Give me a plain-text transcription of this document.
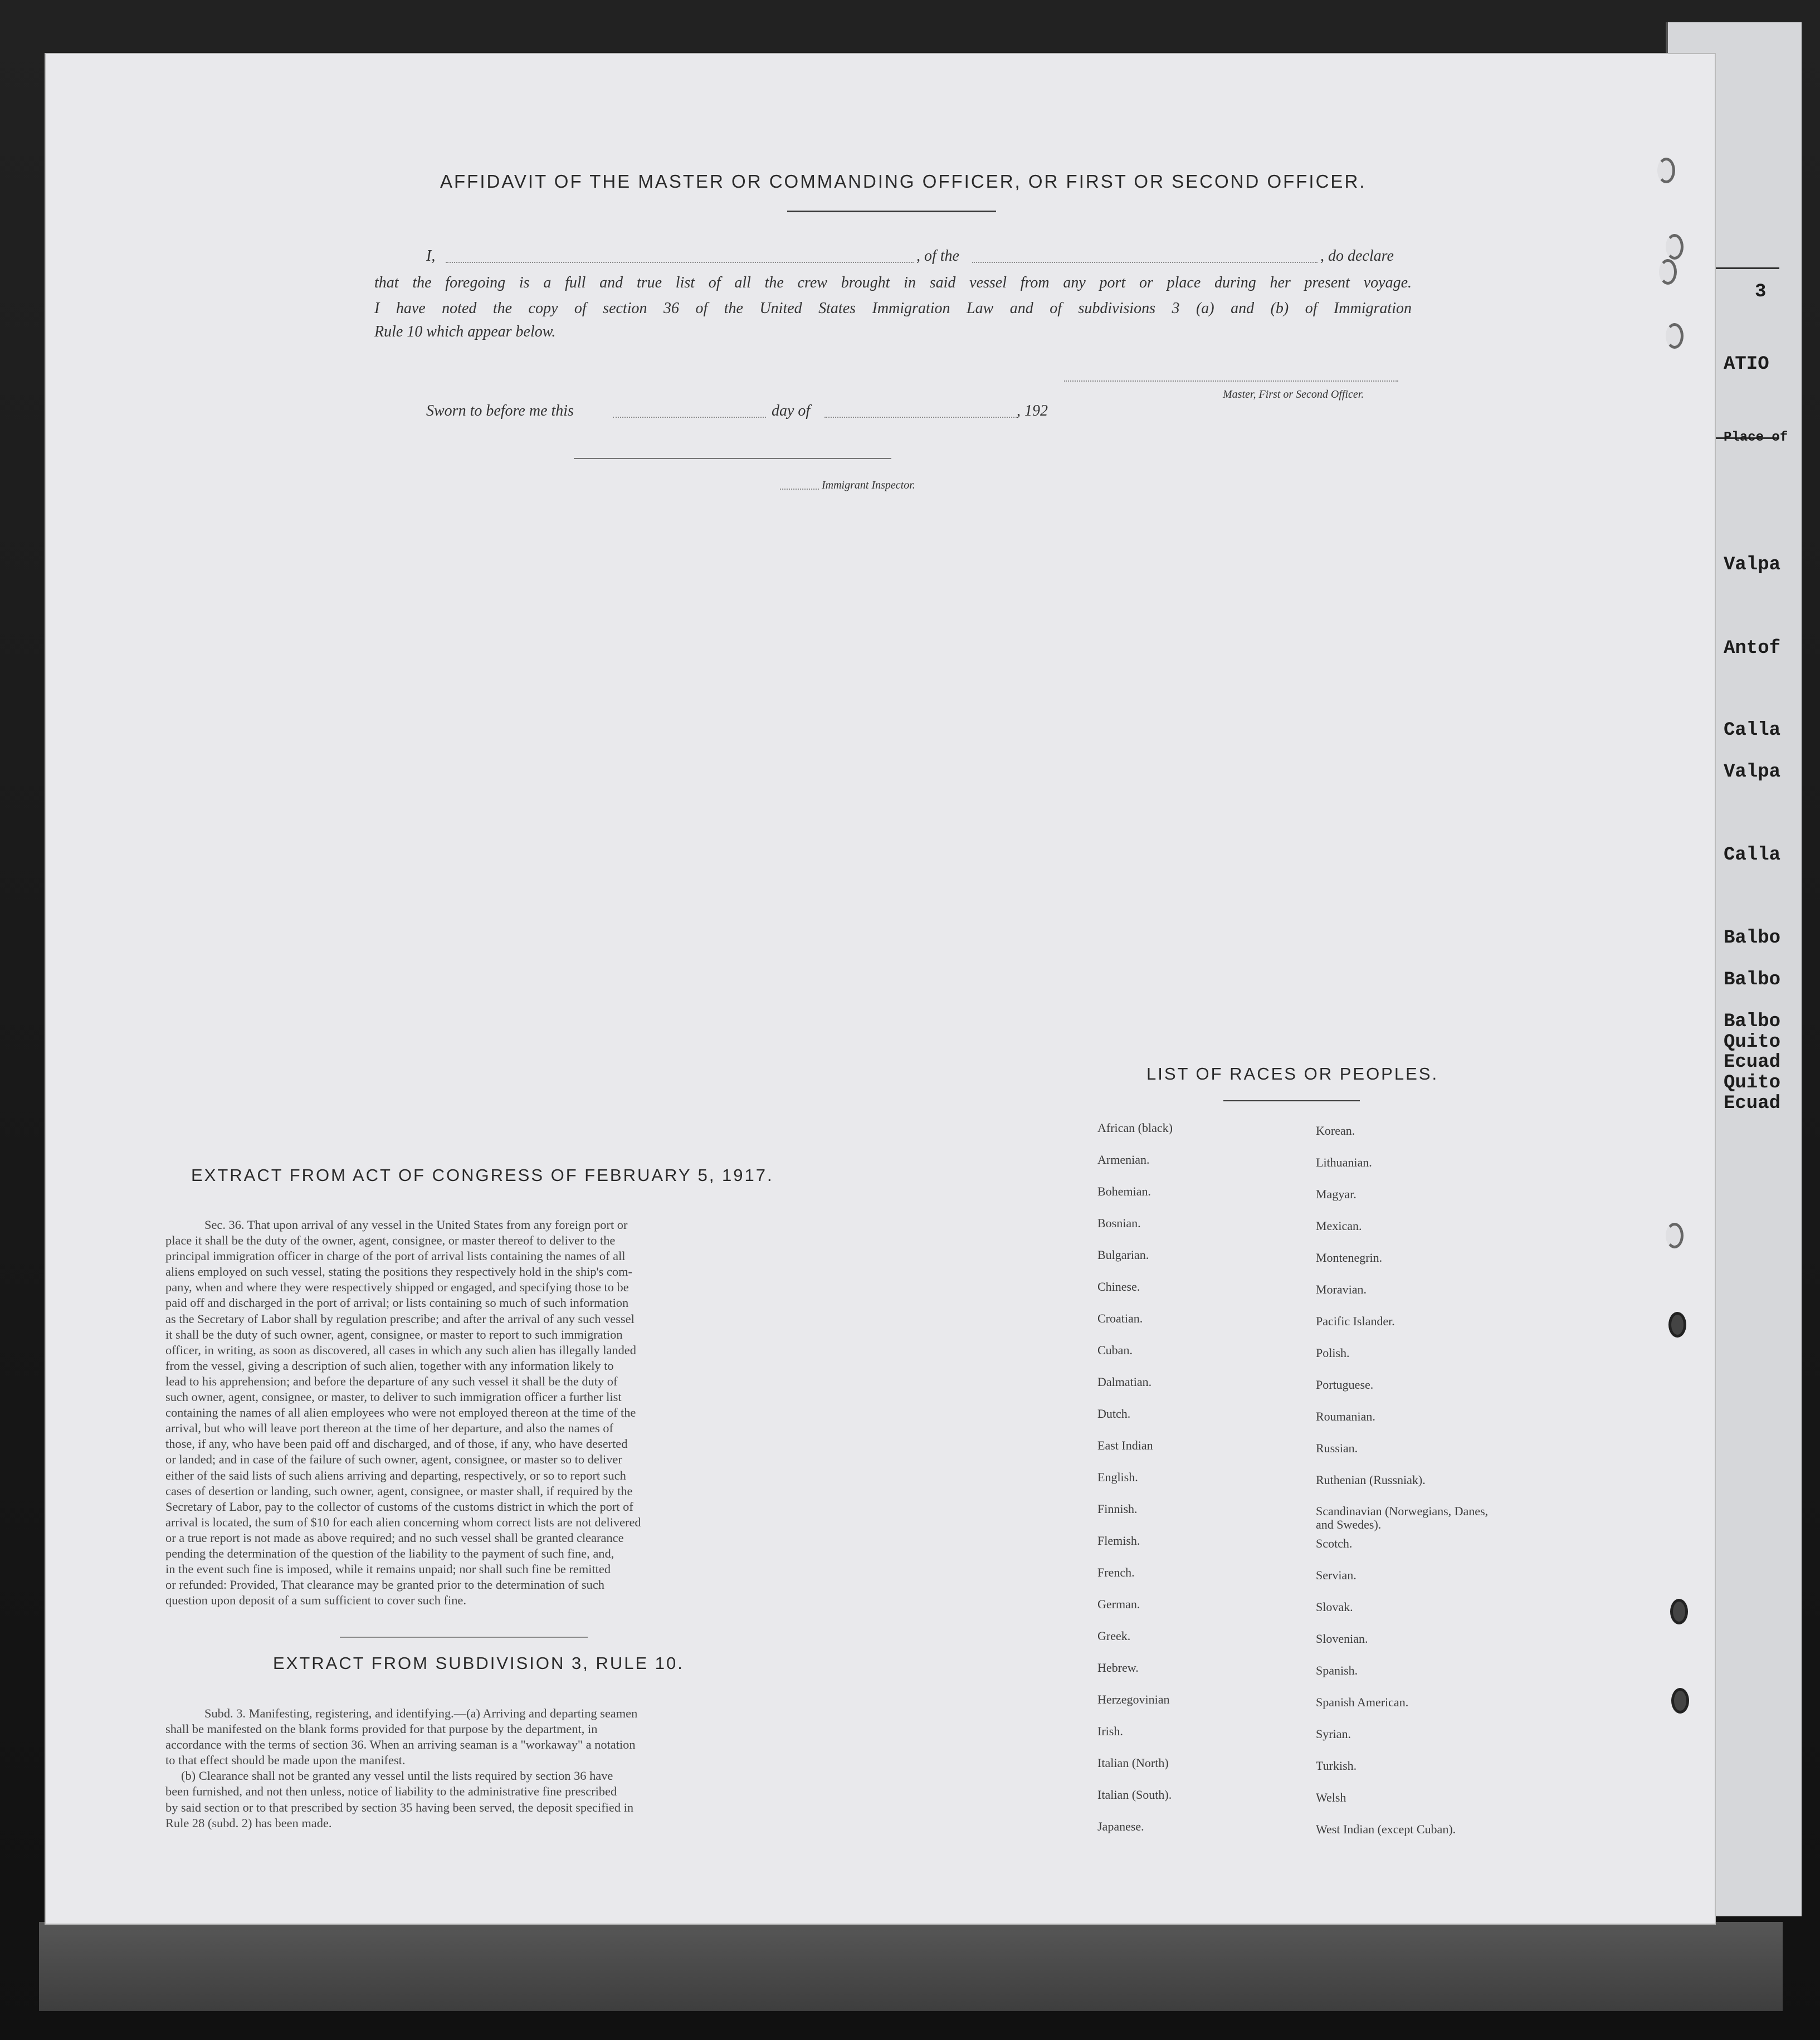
3
ATIO
Place of
Valpa
Antof
Calla
Valpa
Calla
Balbo
Balbo
Balbo
Quito
Ecuad
Quito
Ecuad
AFFIDAVIT OF THE MASTER OR COMMANDING OFFICER, OR FIRST OR SECOND OFFICER.
I,	, of the	, do declare
that the foregoing is a full and true list of all the crew brought in said vessel from any port or place during her present voyage.
I have noted the copy of section 36 of the United States Immigration Law and of subdivisions 3 (a) and (b) of Immigration
Rule 10 which appear below.
Master, First or Second Officer.
Sworn to before me this	day of	, 192
Immigrant Inspector.
EXTRACT FROM ACT OF CONGRESS OF FEBRUARY 5, 1917.
Sec. 36. That upon arrival of any vessel in the United States from any foreign port or
place it shall be the duty of the owner, agent, consignee, or master thereof to deliver to the
principal immigration officer in charge of the port of arrival lists containing the names of all
aliens employed on such vessel, stating the positions they respectively hold in the ship's com-
pany, when and where they were respectively shipped or engaged, and specifying those to be
paid off and discharged in the port of arrival; or lists containing so much of such information
as the Secretary of Labor shall by regulation prescribe; and after the arrival of any such vessel
it shall be the duty of such owner, agent, consignee, or master to report to such immigration
officer, in writing, as soon as discovered, all cases in which any such alien has illegally landed
from the vessel, giving a description of such alien, together with any information likely to
lead to his apprehension; and before the departure of any such vessel it shall be the duty of
such owner, agent, consignee, or master, to deliver to such immigration officer a further list
containing the names of all alien employees who were not employed thereon at the time of the
arrival, but who will leave port thereon at the time of her departure, and also the names of
those, if any, who have been paid off and discharged, and of those, if any, who have deserted
or landed; and in case of the failure of such owner, agent, consignee, or master so to deliver
either of the said lists of such aliens arriving and departing, respectively, or so to report such
cases of desertion or landing, such owner, agent, consignee, or master shall, if required by the
Secretary of Labor, pay to the collector of customs of the customs district in which the port of
arrival is located, the sum of $10 for each alien concerning whom correct lists are not delivered
or a true report is not made as above required; and no such vessel shall be granted clearance
pending the determination of the question of the liability to the payment of such fine, and,
in the event such fine is imposed, while it remains unpaid; nor shall such fine be remitted
or refunded: Provided, That clearance may be granted prior to the determination of such
question upon deposit of a sum sufficient to cover such fine.
EXTRACT FROM SUBDIVISION 3, RULE 10.
Subd. 3. Manifesting, registering, and identifying.—(a) Arriving and departing seamen
shall be manifested on the blank forms provided for that purpose by the department, in
accordance with the terms of section 36. When an arriving seaman is a "workaway" a notation
to that effect should be made upon the manifest.
(b) Clearance shall not be granted any vessel until the lists required by section 36 have
been furnished, and not then unless, notice of liability to the administrative fine prescribed
by said section or to that prescribed by section 35 having been served, the deposit specified in
Rule 28 (subd. 2) has been made.
LIST OF RACES OR PEOPLES.
African (black)
Armenian.
Bohemian.
Bosnian.
Bulgarian.
Chinese.
Croatian.
Cuban.
Dalmatian.
Dutch.
East Indian
English.
Finnish.
Flemish.
French.
German.
Greek.
Hebrew.
Herzegovinian
Irish.
Italian (North)
Italian (South).
Japanese.
Korean.
Lithuanian.
Magyar.
Mexican.
Montenegrin.
Moravian.
Pacific Islander.
Polish.
Portuguese.
Roumanian.
Russian.
Ruthenian (Russniak).
Scandinavian (Norwegians, Danes, and Swedes).
Scotch.
Servian.
Slovak.
Slovenian.
Spanish.
Spanish American.
Syrian.
Turkish.
Welsh
West Indian (except Cuban).
